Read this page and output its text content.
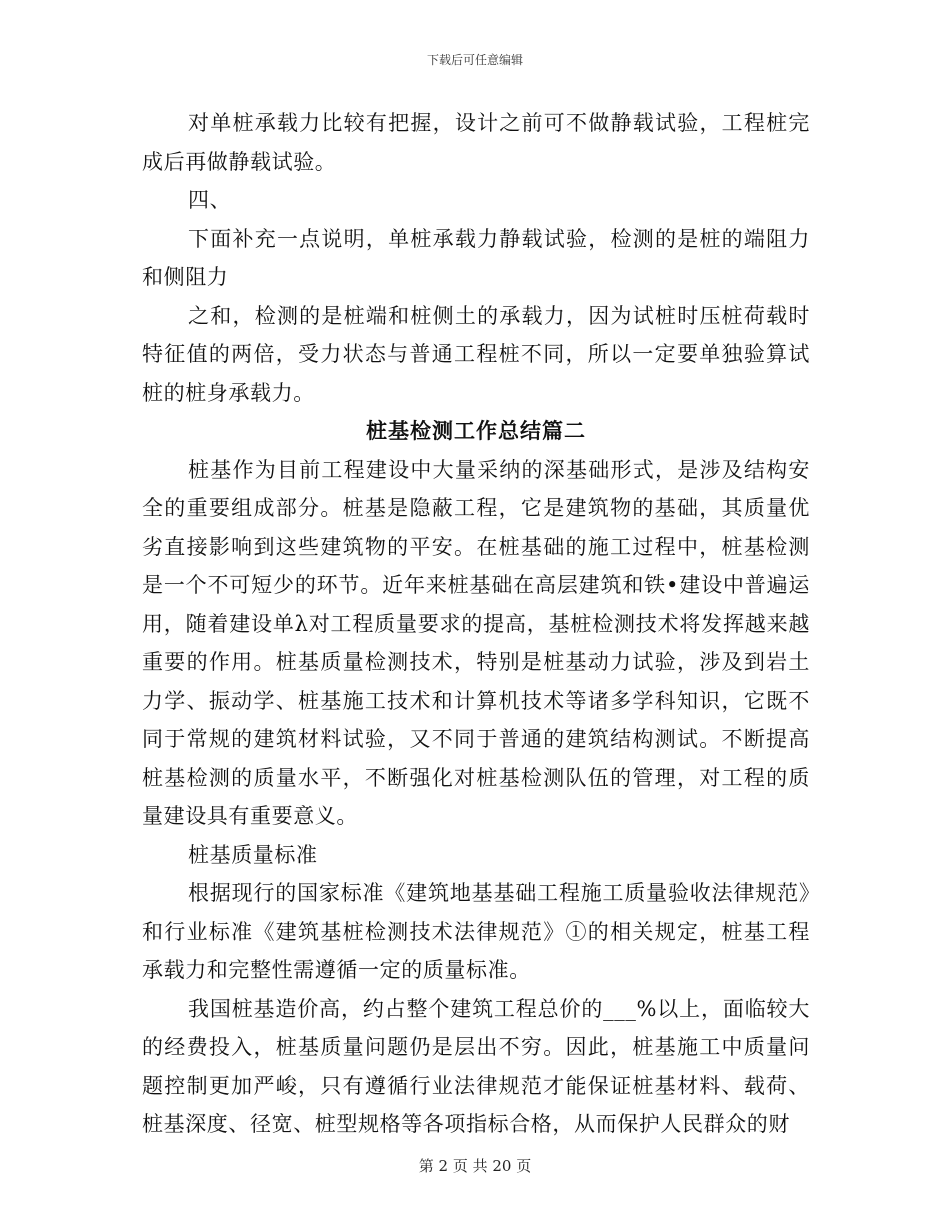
下载后可任意编辑

对单桩承载力比较有把握，设计之前可不做静载试验，工程桩完成后再做静载试验。

四、

下面补充一点说明，单桩承载力静载试验，检测的是桩的端阻力和侧阻力

之和，检测的是桩端和桩侧土的承载力，因为试桩时压桩荷载时特征值的两倍，受力状态与普通工程桩不同，所以一定要单独验算试桩的桩身承载力。

桩基检测工作总结篇二

桩基作为目前工程建设中大量采纳的深基础形式，是涉及结构安全的重要组成部分。桩基是隐蔽工程，它是建筑物的基础，其质量优劣直接影响到这些建筑物的平安。在桩基础的施工过程中，桩基检测是一个不可短少的环节。近年来桩基础在高层建筑和铁•建设中普遍运用，随着建设单λ对工程质量要求的提高，基桩检测技术将发挥越来越重要的作用。桩基质量检测技术，特别是桩基动力试验，涉及到岩土力学、振动学、桩基施工技术和计算机技术等诸多学科知识，它既不同于常规的建筑材料试验，又不同于普通的建筑结构测试。不断提高桩基检测的质量水平，不断强化对桩基检测队伍的管理，对工程的质量建设具有重要意义。

桩基质量标准

根据现行的国家标准《建筑地基基础工程施工质量验收法律规范》和行业标准《建筑基桩检测技术法律规范》①的相关规定，桩基工程承载力和完整性需遵循一定的质量标准。

我国桩基造价高，约占整个建筑工程总价的___%以上，面临较大的经费投入，桩基质量问题仍是层出不穷。因此，桩基施工中质量问题控制更加严峻，只有遵循行业法律规范才能保证桩基材料、载荷、桩基深度、径宽、桩型规格等各项指标合格，从而保护人民群众的财

第 2 页 共 20 页
